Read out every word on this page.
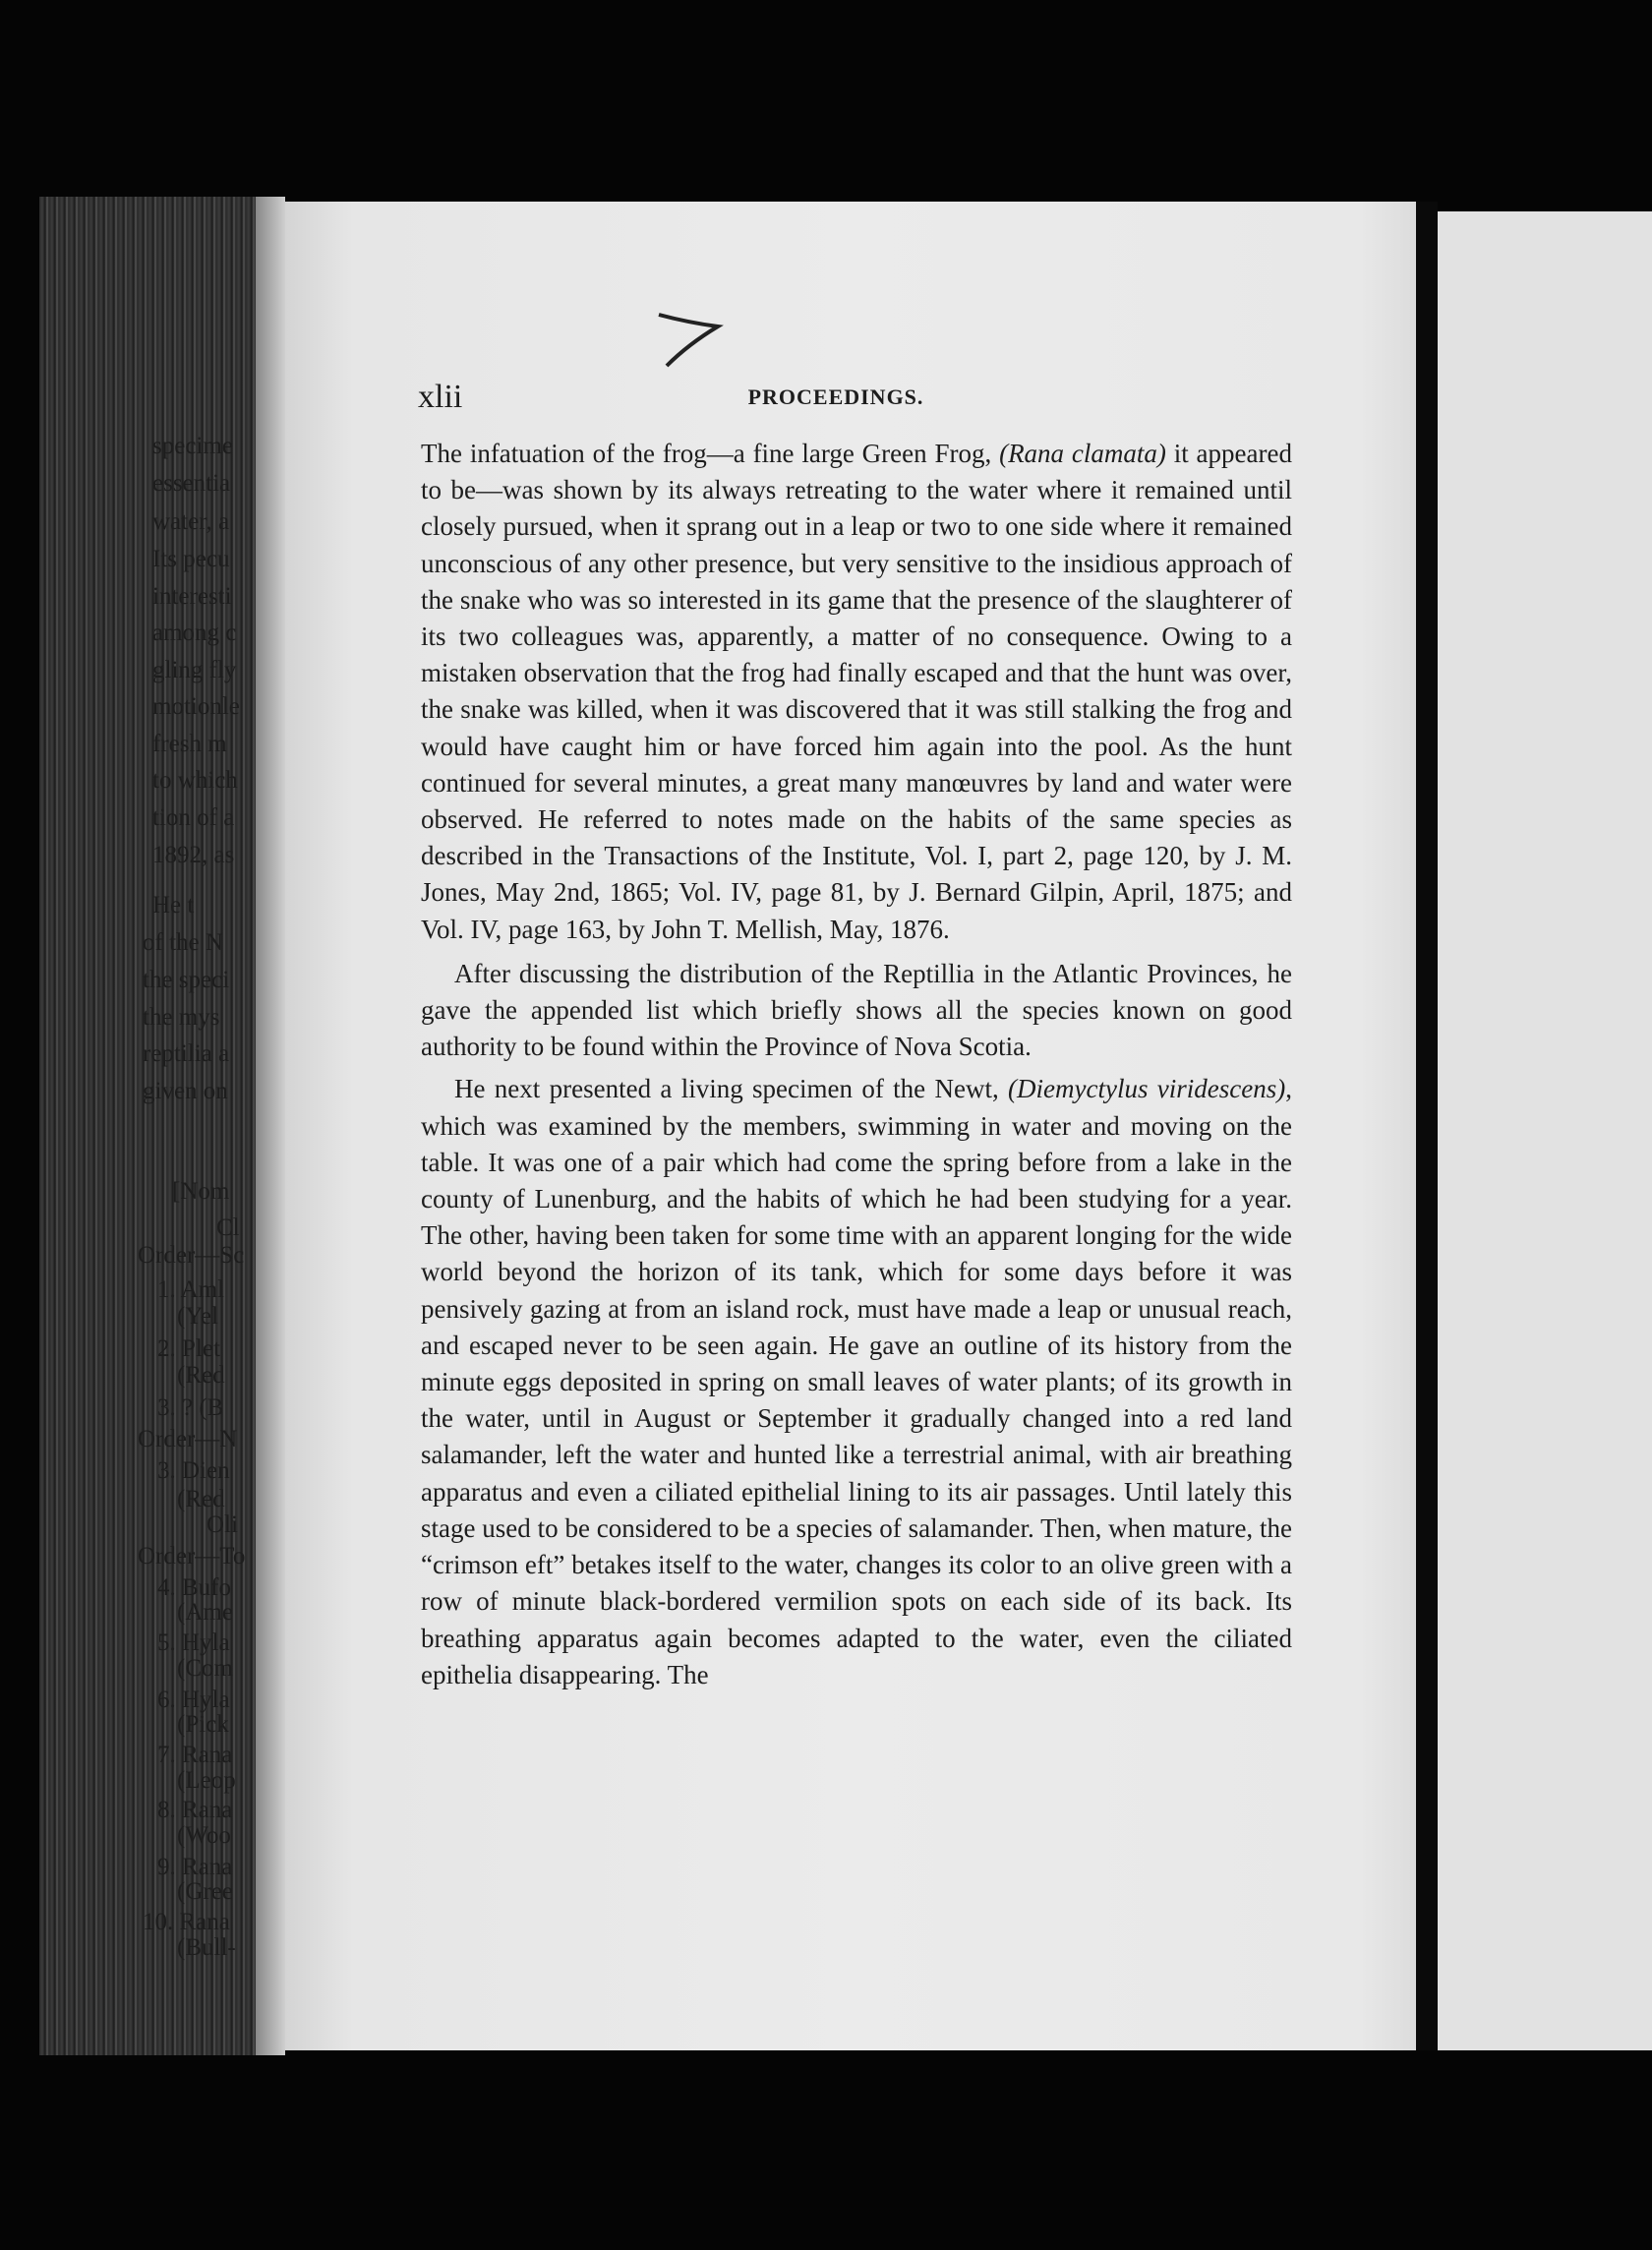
xlii	PROCEEDINGS.

The infatuation of the frog—a fine large Green Frog, (Rana clamata) it appeared to be—was shown by its always retreating to the water where it remained until closely pursued, when it sprang out in a leap or two to one side where it remained unconscious of any other presence, but very sensitive to the insidious approach of the snake who was so interested in its game that the presence of the slaughterer of its two colleagues was, apparently, a matter of no consequence. Owing to a mistaken observation that the frog had finally escaped and that the hunt was over, the snake was killed, when it was discovered that it was still stalking the frog and would have caught him or have forced him again into the pool. As the hunt continued for several minutes, a great many manœuvres by land and water were observed. He referred to notes made on the habits of the same species as described in the Transactions of the Institute, Vol. I, part 2, page 120, by J. M. Jones, May 2nd, 1865; Vol. IV, page 81, by J. Bernard Gilpin, April, 1875; and Vol. IV, page 163, by John T. Mellish, May, 1876.

After discussing the distribution of the Reptillia in the Atlantic Provinces, he gave the appended list which briefly shows all the species known on good authority to be found within the Province of Nova Scotia.

He next presented a living specimen of the Newt, (Diemyctylus viridescens), which was examined by the members, swimming in water and moving on the table. It was one of a pair which had come the spring before from a lake in the county of Lunenburg, and the habits of which he had been studying for a year. The other, having been taken for some time with an apparent longing for the wide world beyond the horizon of its tank, which for some days before it was pensively gazing at from an island rock, must have made a leap or unusual reach, and escaped never to be seen again. He gave an outline of its history from the minute eggs deposited in spring on small leaves of water plants; of its growth in the water, until in August or September it gradually changed into a red land salamander, left the water and hunted like a terrestrial animal, with air breathing apparatus and even a ciliated epithelial lining to its air passages. Until lately this stage used to be considered to be a species of salamander. Then, when mature, the “crimson eft” betakes itself to the water, changes its color to an olive green with a row of minute black-bordered vermilion spots on each side of its back. Its breathing apparatus again becomes adapted to the water, even the ciliated epithelia disappearing. The

specime
essentia
water, a
Its pecu
interesti
among c
gling fly
motionle
fresh m
to which
tion of a
1892, as
He t
of the N
the speci
the mys
reptilia a
given on
[Nom
Cl
Order—Sc
1. Aml
(Yel
2. Plet
(Red
3. ? (B
Order—N
3. Dien
(Red
Oli
Order—To
4. Bufo
(Ame
5. Hyla
(Com
6. Hyla
(Pick
7. Rana
(Leop
8. Rana
(Woo
9. Rana
(Gree
10. Rana
(Bull-
